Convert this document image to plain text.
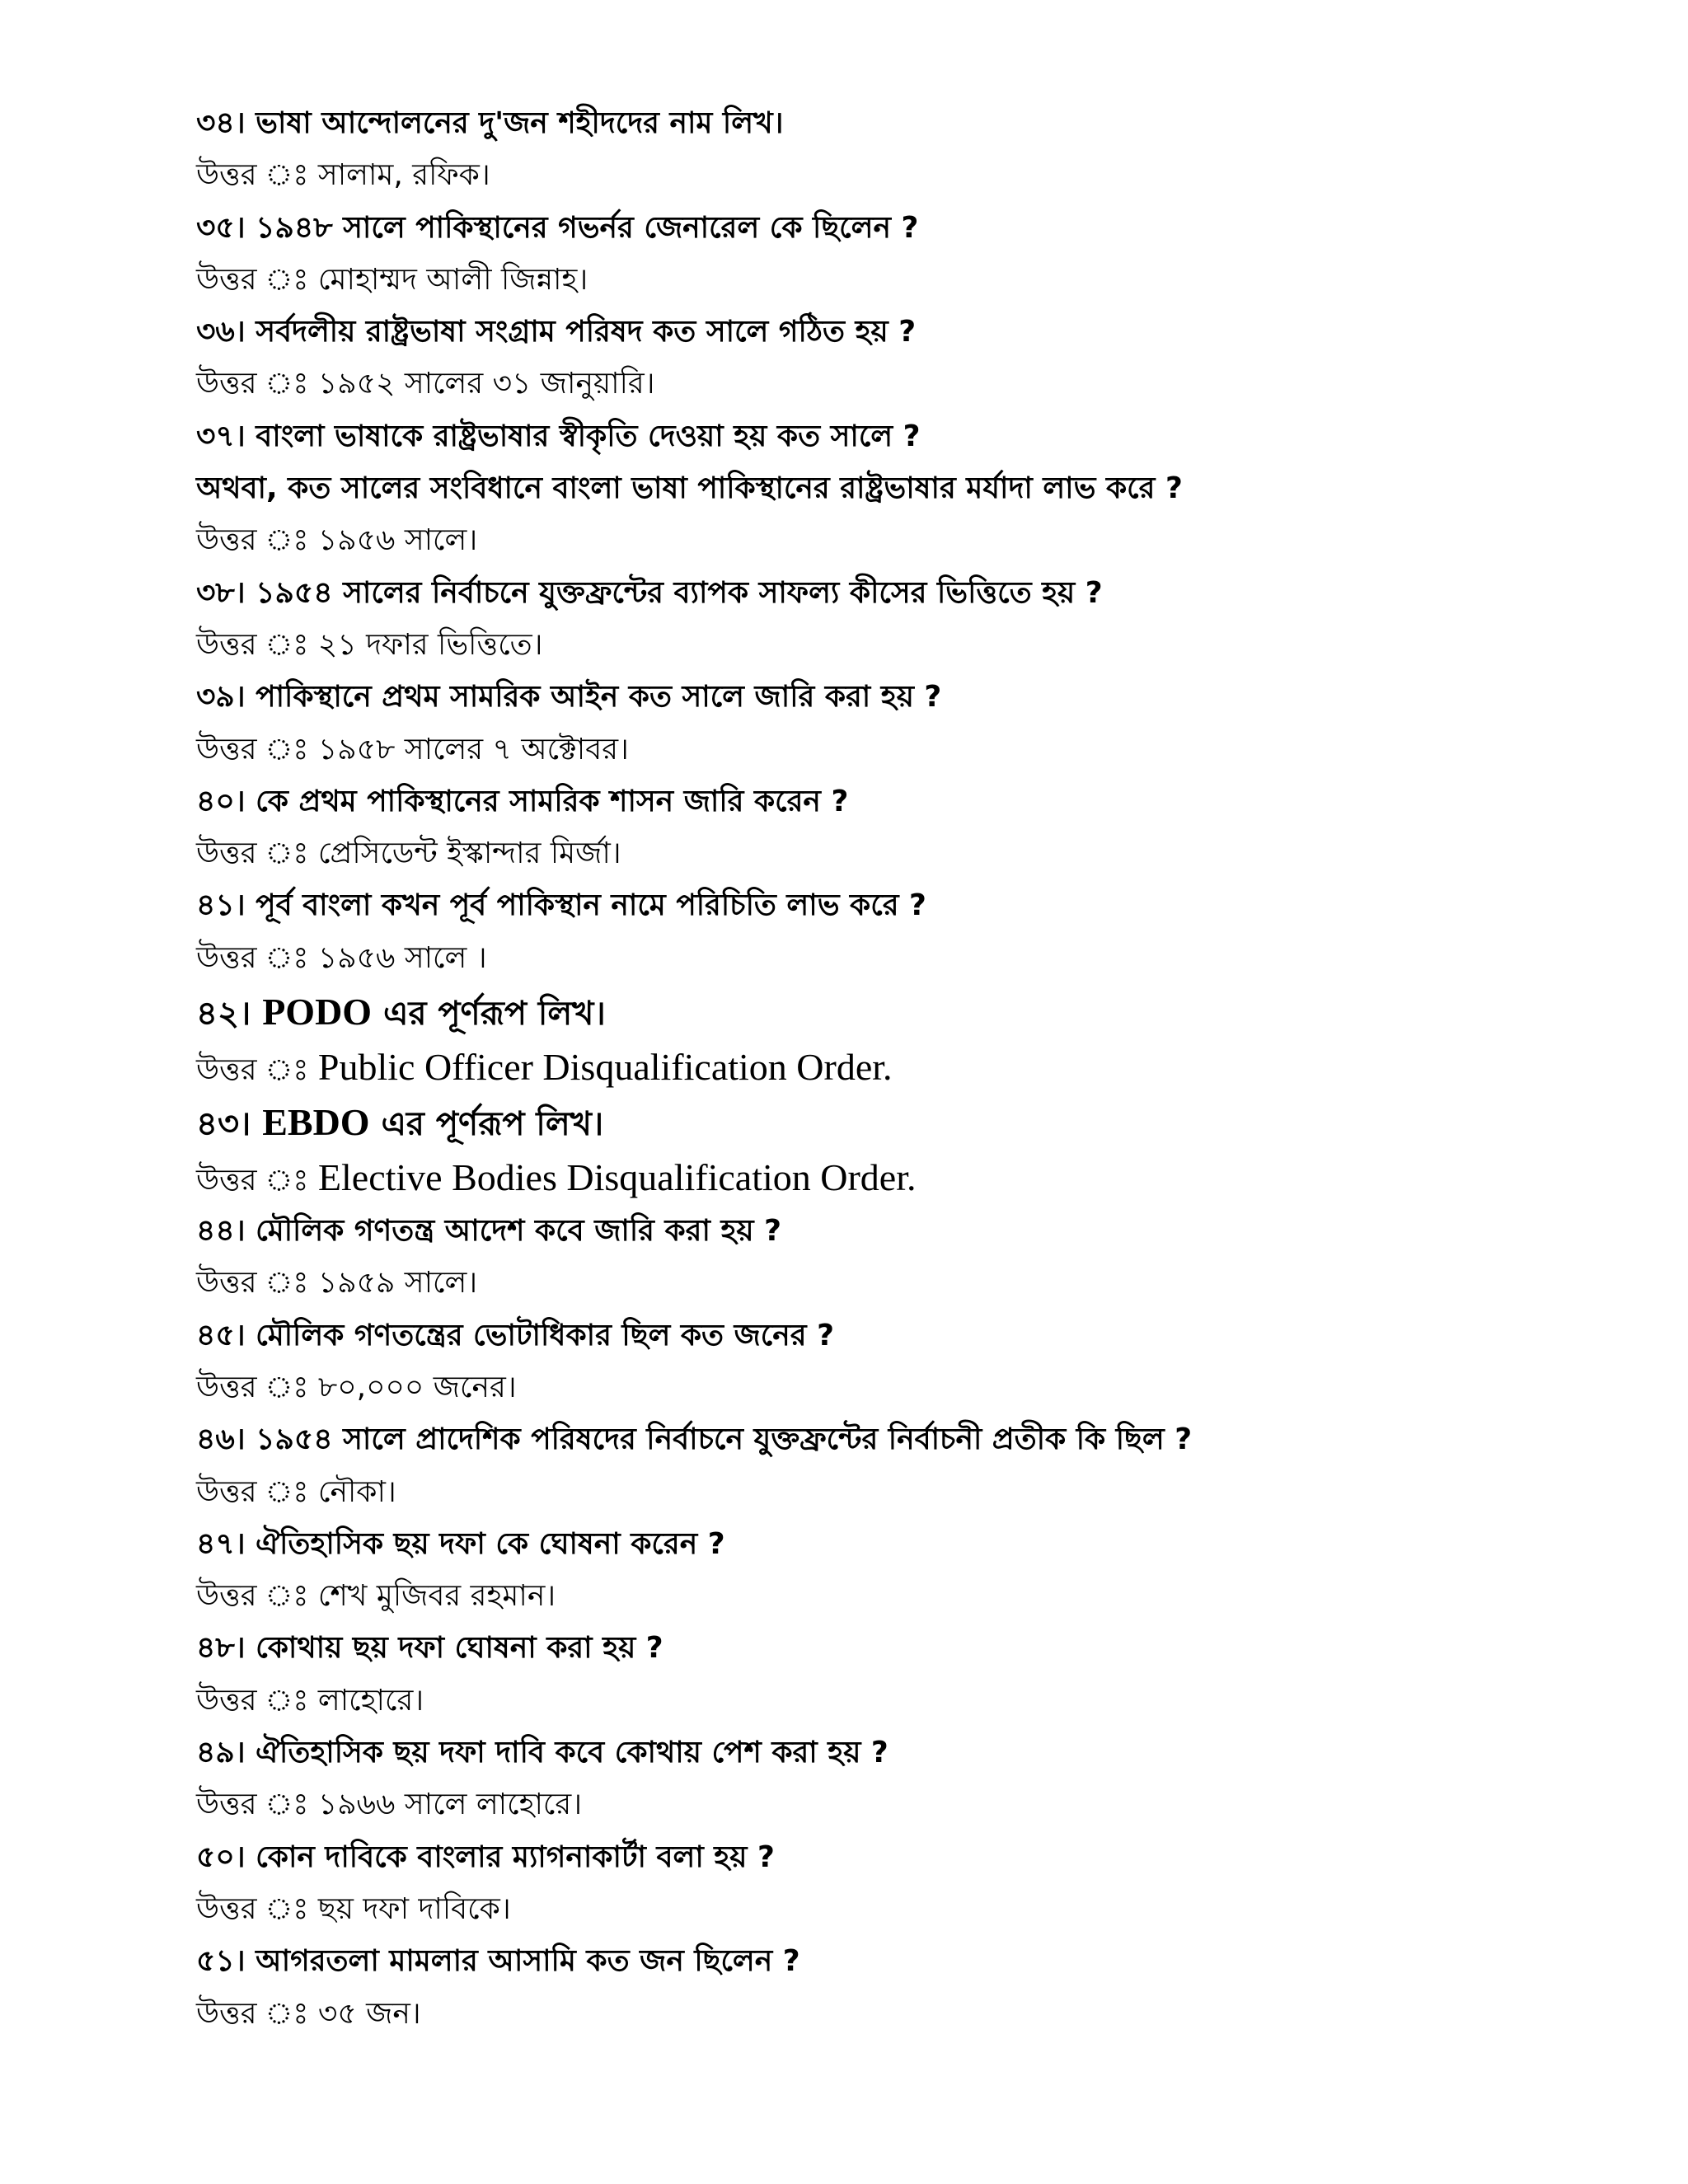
৩৪। ভাষা আন্দোলনের দু'জন শহীদদের নাম লিখ।
উত্তর ঃ সালাম, রফিক।
৩৫। ১৯৪৮ সালে পাকিস্থানের গভর্নর জেনারেল কে ছিলেন ?
উত্তর ঃ মোহাম্মদ আলী জিন্নাহ।
৩৬। সর্বদলীয় রাষ্ট্রভাষা সংগ্রাম পরিষদ কত সালে গঠিত হয় ?
উত্তর ঃ ১৯৫২ সালের ৩১ জানুয়ারি।
৩৭। বাংলা ভাষাকে রাষ্ট্রভাষার স্বীকৃতি দেওয়া হয় কত সালে ?
অথবা, কত সালের সংবিধানে বাংলা ভাষা পাকিস্থানের রাষ্ট্রভাষার মর্যাদা লাভ করে ?
উত্তর ঃ ১৯৫৬ সালে।
৩৮। ১৯৫৪ সালের নির্বাচনে যুক্তফ্রন্টের ব্যাপক সাফল্য কীসের ভিত্তিতে হয় ?
উত্তর ঃ ২১ দফার ভিত্তিতে।
৩৯। পাকিস্থানে প্রথম সামরিক আইন কত সালে জারি করা হয় ?
উত্তর ঃ ১৯৫৮ সালের ৭ অক্টোবর।
৪০। কে প্রথম পাকিস্থানের সামরিক শাসন জারি করেন ?
উত্তর ঃ প্রেসিডেন্ট ইস্কান্দার মির্জা।
৪১। পূর্ব বাংলা কখন পূর্ব পাকিস্থান নামে পরিচিতি লাভ করে ?
উত্তর ঃ ১৯৫৬ সালে ।
৪২। PODO এর পূর্ণরূপ লিখ।
উত্তর ঃ Public Officer Disqualification Order.
৪৩। EBDO এর পূর্ণরূপ লিখ।
উত্তর ঃ Elective Bodies Disqualification Order.
৪৪। মৌলিক গণতন্ত্র আদেশ কবে জারি করা হয় ?
উত্তর ঃ ১৯৫৯ সালে।
৪৫। মৌলিক গণতন্ত্রের ভোটাধিকার ছিল কত জনের ?
উত্তর ঃ ৮০,০০০ জনের।
৪৬। ১৯৫৪ সালে প্রাদেশিক পরিষদের নির্বাচনে যুক্তফ্রন্টের নির্বাচনী প্রতীক কি ছিল ?
উত্তর ঃ নৌকা।
৪৭। ঐতিহাসিক ছয় দফা কে ঘোষনা করেন ?
উত্তর ঃ শেখ মুজিবর রহমান।
৪৮। কোথায় ছয় দফা ঘোষনা করা হয় ?
উত্তর ঃ লাহোরে।
৪৯। ঐতিহাসিক ছয় দফা দাবি কবে কোথায় পেশ করা হয় ?
উত্তর ঃ ১৯৬৬ সালে লাহোরে।
৫০। কোন দাবিকে বাংলার ম্যাগনাকার্টা বলা হয় ?
উত্তর ঃ ছয় দফা দাবিকে।
৫১। আগরতলা মামলার আসামি কত জন ছিলেন ?
উত্তর ঃ ৩৫ জন।
